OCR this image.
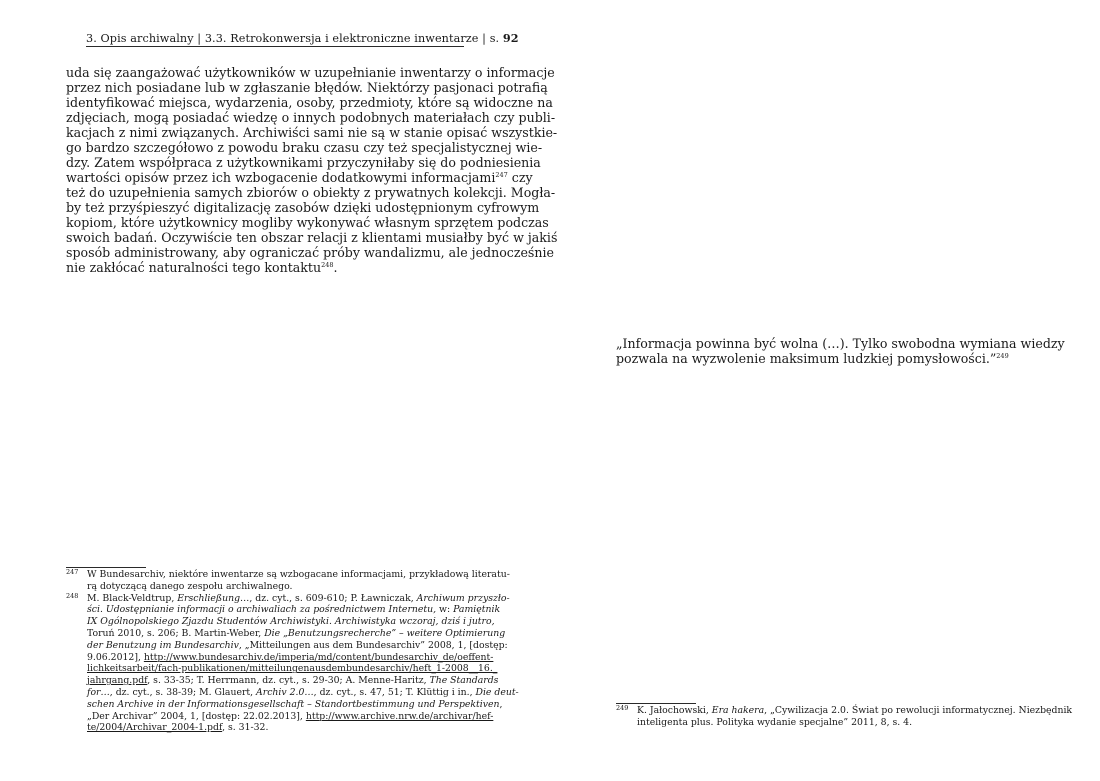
3. Opis archiwalny | 3.3. Retrokonwersja i elektroniczne inwentarze | s. 92
uda się zaangażować użytkowników w uzupełnianie inwentarzy o informacje
przez nich posiadane lub w zgłaszanie błędów. Niektórzy pasjonaci potrafią
identyfikować miejsca, wydarzenia, osoby, przedmioty, które są widoczne na
zdjęciach, mogą posiadać wiedzę o innych podobnych materiałach czy publi-
kacjach z nimi związanych. Archiwiści sami nie są w stanie opisać wszystkie-
go bardzo szczegółowo z powodu braku czasu czy też specjalistycznej wie-
dzy. Zatem współpraca z użytkownikami przyczyniłaby się do podniesienia
wartości opisów przez ich wzbogacenie dodatkowymi informacjami$^{247}$ czy
też do uzupełnienia samych zbiorów o obiekty z prywatnych kolekcji. Mogła-
by też przyśpieszyć digitalizację zasobów dzięki udostępnionym cyfrowym
kopiom, które użytkownicy mogliby wykonywać własnym sprzętem podczas
swoich badań. Oczywiście ten obszar relacji z klientami musiałby być w jakiś
sposób administrowany, aby ograniczać próby wandalizmu, ale jednocześnie
nie zakłócać naturalności tego kontaktu$^{248}$.
247 W Bundesarchiv, niektóre inwentarze są wzbogacane informacjami, przykładową literatu-
rą dotyczącą danego zespołu archiwalnego.
248 M. Black-Veldtrup, Erschließung…, dz. cyt., s. 609-610; P. Ławniczak, Archiwum przyszło-
ści. Udostępnianie informacji o archiwaliach za pośrednictwem Internetu, w: Pamiętnik
IX Ogólnopolskiego Zjazdu Studentów Archiwistyki. Archiwistyka wczoraj, dziś i jutro,
Toruń 2010, s. 206; B. Martin-Weber, Die „Benutzungsrecherche” – weitere Optimierung
der Benutzung im Bundesarchiv, „Mitteilungen aus dem Bundesarchiv” 2008, 1, [dostęp:
9.06.2012], http://www.bundesarchiv.de/imperia/md/content/bundesarchiv_de/oeffent-
lichkeitsarbeit/fach-publikationen/mitteilungenausdembundesarchiv/heft_1-2008__16._
jahrgang.pdf, s. 33-35; T. Herrmann, dz. cyt., s. 29-30; A. Menne-Haritz, The Standards
for…, dz. cyt., s. 38-39; M. Glauert, Archiv 2.0…, dz. cyt., s. 47, 51; T. Klüttig i in., Die deut-
schen Archive in der Informationsgesellschaft – Standortbestimmung und Perspektiven,
„Der Archivar” 2004, 1, [dostęp: 22.02.2013], http://www.archive.nrw.de/archivar/hef-
te/2004/Archivar_2004-1.pdf, s. 31-32.
„Informacja powinna być wolna (…). Tylko swobodna wymiana wiedzy
pozwala na wyzwolenie maksimum ludzkiej pomysłowości.”$^{249}$
249 K. Jałochowski, Era hakera, „Cywilizacja 2.0. Świat po rewolucji informatycznej. Niezbędnik
inteligenta plus. Polityka wydanie specjalne” 2011, 8, s. 4.
